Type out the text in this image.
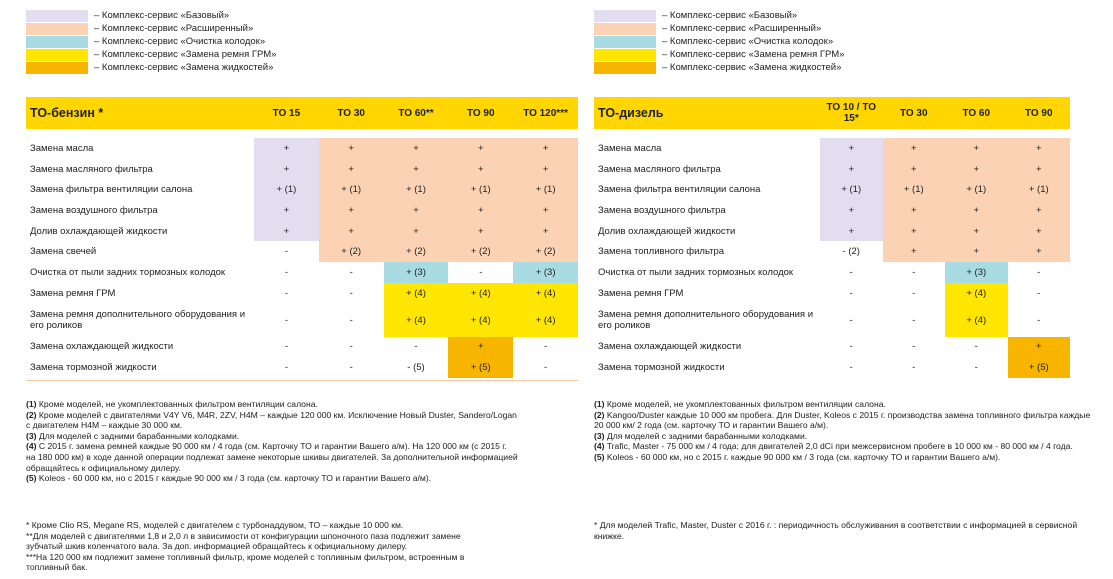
– Комплекс-сервис «Базовый»
– Комплекс-сервис «Расширенный»
– Комплекс-сервис «Очистка колодок»
– Комплекс-сервис «Замена ремня ГРМ»
– Комплекс-сервис «Замена жидкостей»
ТО-бензин *	ТО 15	ТО 30	ТО 60**	ТО 90	ТО 120***

Замена масла	+	+	+	+	+
Замена масляного фильтра	+	+	+	+	+
Замена фильтра вентиляции салона	+ (1)	+ (1)	+ (1)	+ (1)	+ (1)
Замена воздушного фильтра	+	+	+	+	+
Долив охлаждающей жидкости	+	+	+	+	+
Замена свечей	-	+ (2)	+ (2)	+ (2)	+ (2)
Очистка от пыли задних тормозных колодок	-	-	+ (3)	-	+ (3)
Замена ремня ГРМ	-	-	+ (4)	+ (4)	+ (4)
Замена ремня дополнительного оборудования и его роликов	-	-	+ (4)	+ (4)	+ (4)
Замена охлаждающей жидкости	-	-	-	+	-
Замена тормозной жидкости	-	-	- (5)	+ (5)	-
(1) Кроме моделей, не укомплектованных фильтром вентиляции салона.
(2) Кроме моделей с двигателями V4Y V6, M4R, 2ZV, H4M – каждые 120 000 км. Исключение Новый Duster, Sandero/Logan с двигателем H4M – каждые 30 000 км.
(3) Для моделей с задними барабанными колодками.
(4) С 2015 г. замена ремней каждые 90 000 км / 4 года (см. Карточку ТО и гарантии Вашего а/м). На 120 000 км (с 2015 г. на 180 000 км) в ходе данной операции подлежат замене некоторые шкивы двигателей. За дополнительной информацией обращайтесь к официальному дилеру.
(5) Koleos - 60 000 км, но с 2015 г каждые 90 000 км / 3 года (см. карточку ТО и гарантии Вашего а/м).
* Кроме Clio RS, Megane RS, моделей с двигателем с турбонаддувом, ТО – каждые 10 000 км.
**Для моделей с двигателями 1,8 и 2,0 л в зависимости от конфигурации шпоночного паза подлежит замене зубчатый шкив коленчатого вала. За доп. информацией обращайтесь к официальному дилеру.
***На 120 000 км подлежит замене топливный фильтр, кроме моделей с топливным фильтром, встроенным в топливный бак.
– Комплекс-сервис «Базовый»
– Комплекс-сервис «Расширенный»
– Комплекс-сервис «Очистка колодок»
– Комплекс-сервис «Замена ремня ГРМ»
– Комплекс-сервис «Замена жидкостей»
ТО-дизель	ТО 10 / ТО 15*	ТО 30	ТО 60	ТО 90

Замена масла	+	+	+	+
Замена масляного фильтра	+	+	+	+
Замена фильтра вентиляции салона	+ (1)	+ (1)	+ (1)	+ (1)
Замена воздушного фильтра	+	+	+	+
Долив охлаждающей жидкости	+	+	+	+
Замена топливного фильтра	- (2)	+	+	+
Очистка от пыли задних тормозных колодок	-	-	+ (3)	-
Замена ремня ГРМ	-	-	+ (4)	-
Замена ремня дополнительного оборудования и его роликов	-	-	+ (4)	-
Замена охлаждающей жидкости	-	-	-	+
Замена тормозной жидкости	-	-	-	+ (5)
(1) Кроме моделей, не укомплектованных фильтром вентиляции салона.
(2) Kangoo/Duster каждые 10 000 км пробега. Для Duster, Koleos с 2015 г. производства замена топливного фильтра каждые 20 000 км/ 2 года (см. карточку ТО и гарантии Вашего а/м).
(3) Для моделей с задними барабанными колодками.
(4) Trafic, Master - 75 000 км / 4 года; для двигателей 2,0 dCi при межсервисном пробеге в 10 000 км - 80 000 км / 4 года.
(5) Koleos - 60 000 км, но с 2015 г. каждые 90 000 км / 3 года (см. карточку ТО и гарантии Вашего а/м).
* Для моделей Trafic, Master, Duster с 2016 г. : периодичность обслуживания в соответствии с информацией в сервисной книжке.
